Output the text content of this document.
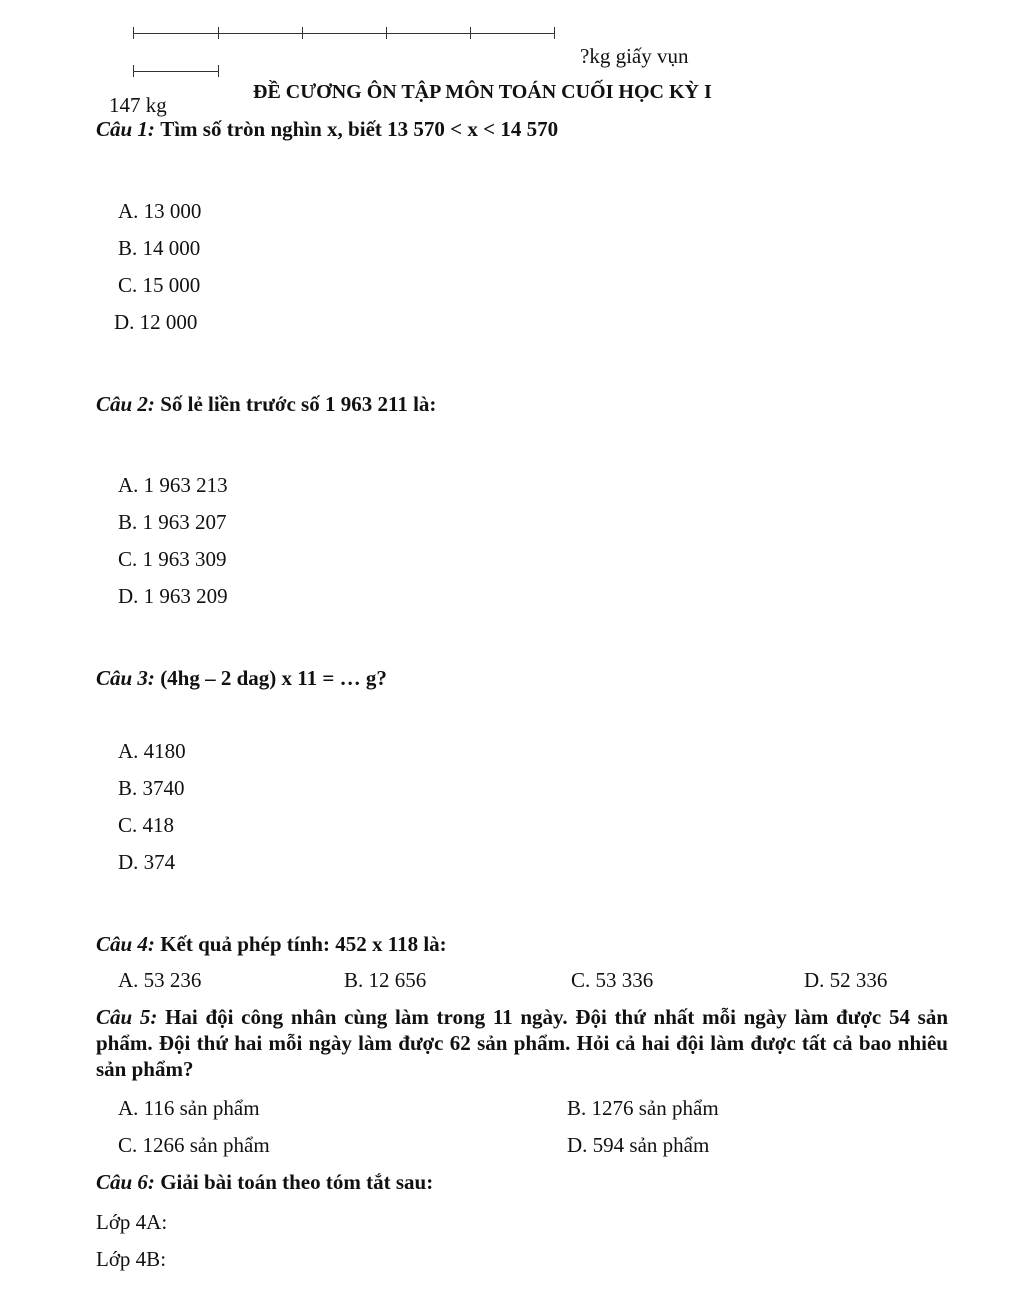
?kg giấy vụn
147 kg
ĐỀ CƯƠNG ÔN TẬP MÔN TOÁN CUỐI HỌC KỲ I
Câu 1: Tìm số tròn nghìn x, biết 13 570 < x < 14 570
A. 13 000
B. 14 000
C. 15 000
D. 12 000
Câu 2: Số lẻ liền trước số 1 963 211 là:
A. 1 963 213
B. 1 963 207
C. 1 963 309
D. 1 963 209
Câu 3: (4hg – 2 dag) x 11 = … g?
A. 4180
B. 3740
C. 418
D. 374
Câu 4: Kết quả phép tính: 452 x 118 là:
A. 53 236	B. 12 656	C. 53 336	D. 52 336
Câu 5: Hai đội công nhân cùng làm trong 11 ngày. Đội thứ nhất mỗi ngày làm được 54 sản phẩm. Đội thứ hai mỗi ngày làm được 62 sản phẩm. Hỏi cả hai đội làm được tất cả bao nhiêu sản phẩm?
A. 116 sản phẩm	B. 1276 sản phẩm
C. 1266 sản phẩm	D. 594 sản phẩm
Câu 6: Giải bài toán theo tóm tắt sau:
Lớp 4A:
Lớp 4B:
